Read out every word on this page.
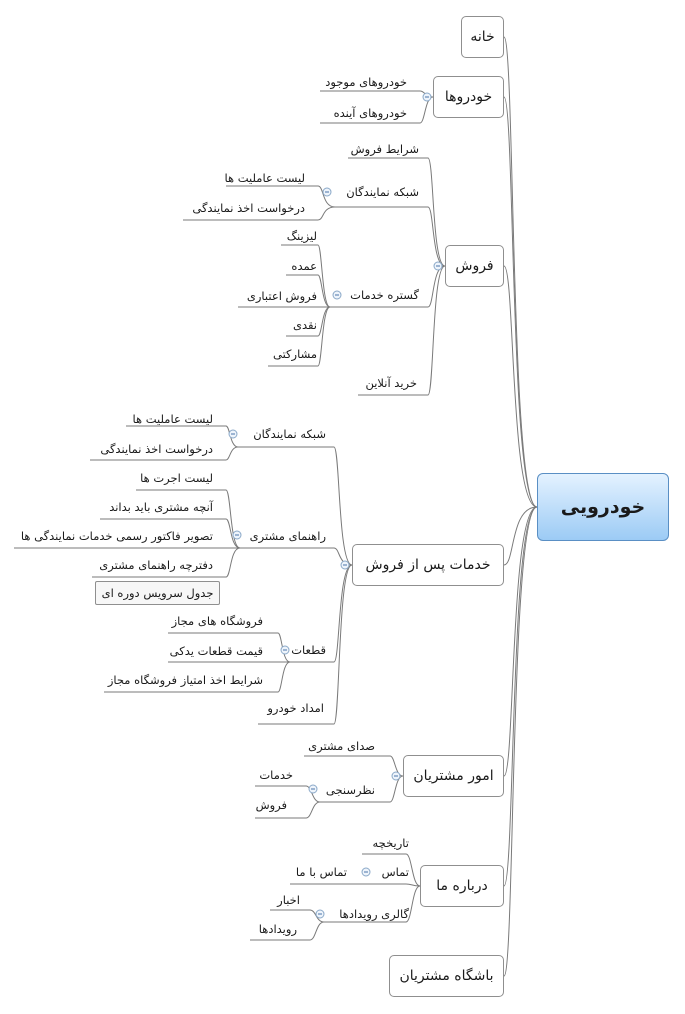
خودرویی
خانه
خودروها
فروش
خدمات پس از فروش
امور مشتریان
درباره ما
باشگاه مشتریان
خودروهای موجود
خودروهای آینده
شرایط فروش
شبکه نمایندگان
لیست عاملیت ها
درخواست اخذ نمایندگی
گستره خدمات
لیزینگ
عمده
فروش اعتباری
نقدی
مشارکتی
خرید آنلاین
شبکه نمایندگان
لیست عاملیت ها
درخواست اخذ نمایندگی
راهنمای مشتری
لیست اجرت ها
آنچه مشتری باید بداند
تصویر فاکتور رسمی خدمات نمایندگی ها
دفترچه راهنمای مشتری
جدول سرویس دوره ای
قطعات
فروشگاه های مجاز
قیمت قطعات یدکی
شرایط اخذ امتیاز فروشگاه مجاز
امداد خودرو
صدای مشتری
نظرسنجی
خدمات
فروش
تاریخچه
تماس
تماس با ما
گالری رویدادها
اخبار
رویدادها
